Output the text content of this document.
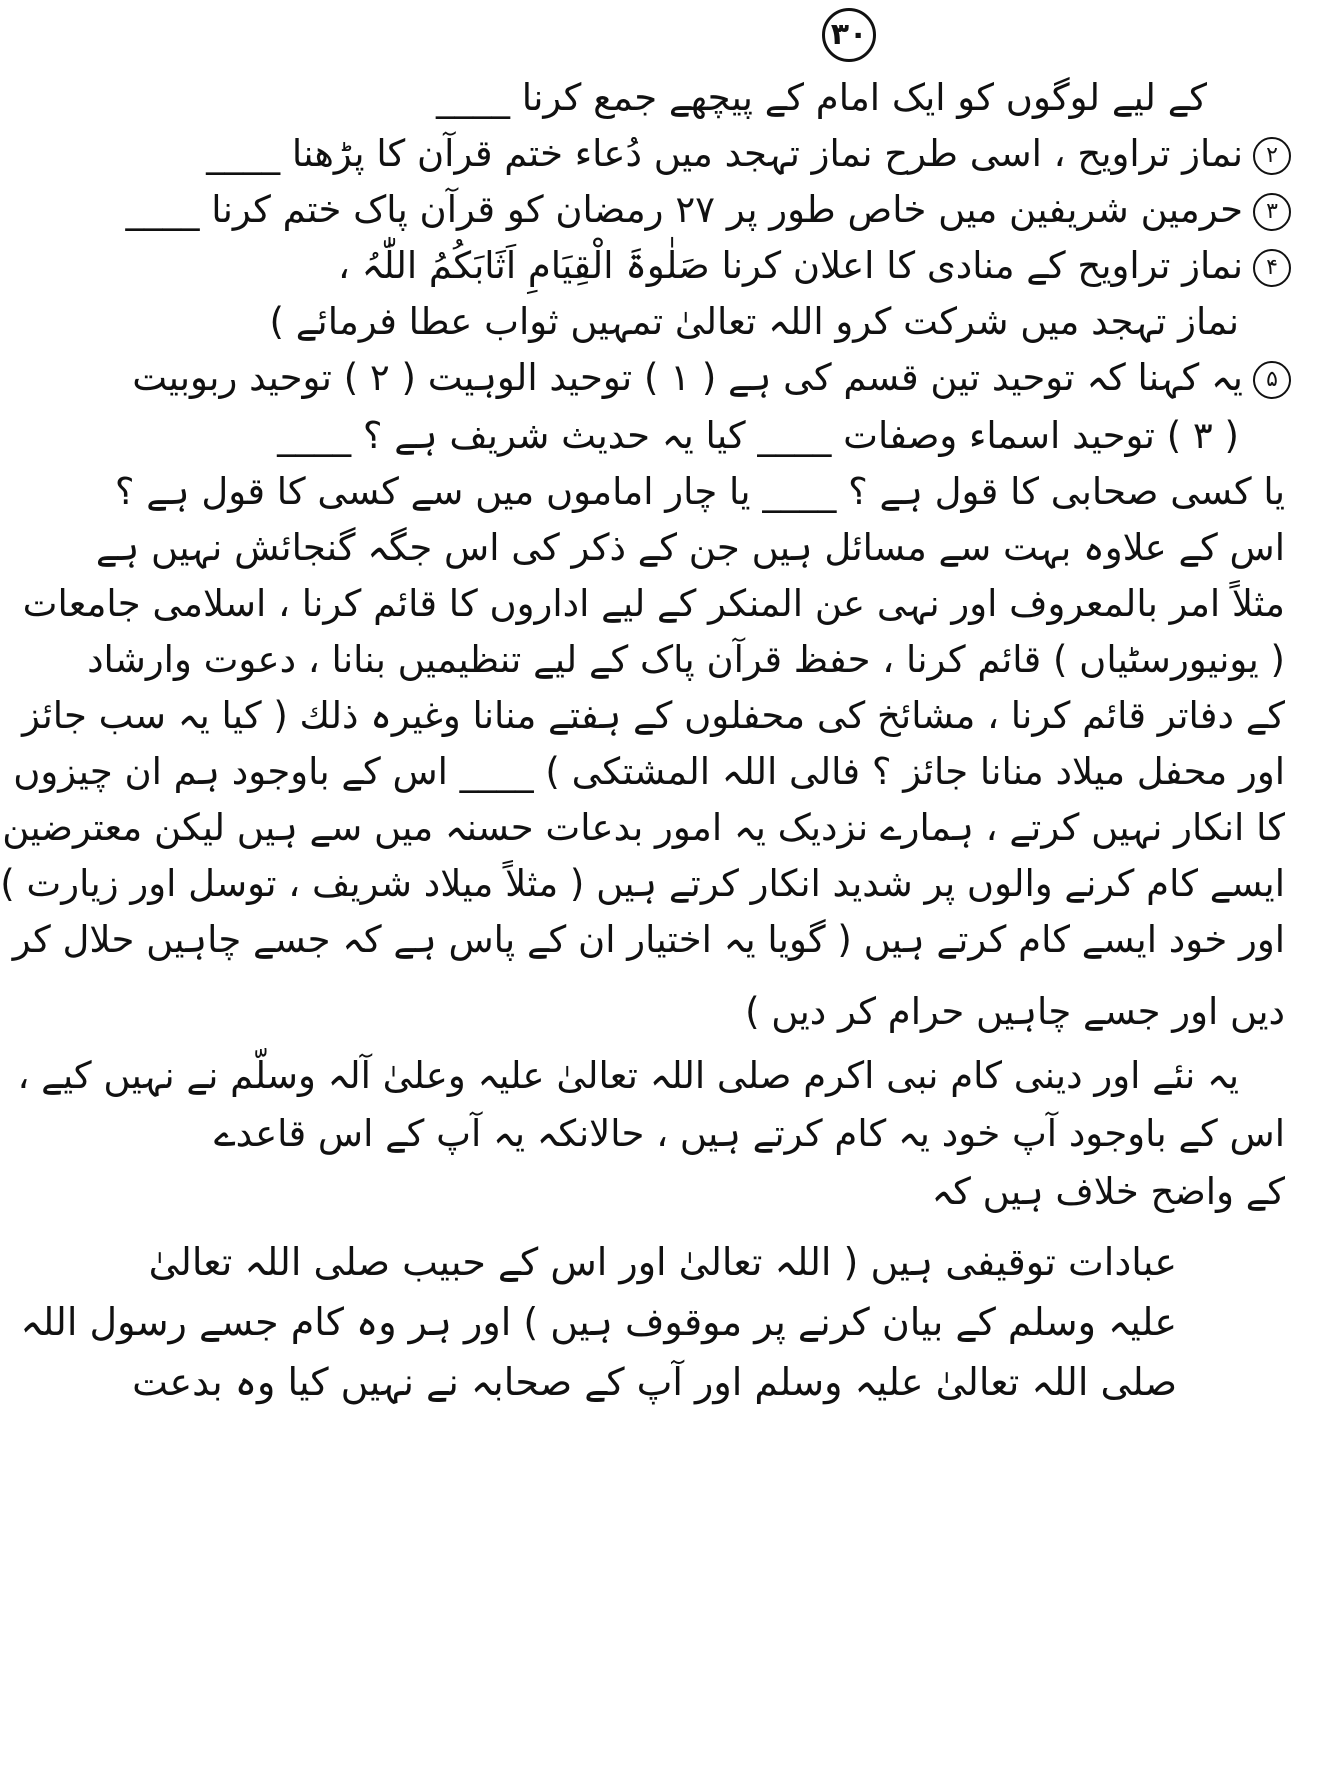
۳۰
کے لیے لوگوں کو ایک امام کے پیچھے جمع کرنا ____
۲نماز تراویح ، اسی طرح نماز تہجد میں دُعاء ختم قرآن کا پڑھنا ____
۳حرمین شریفین میں خاص طور پر ۲۷ رمضان کو قرآن پاک ختم کرنا ____
۴نماز تراویح کے منادی کا اعلان کرنا صَلٰوۃَ الْقِیَامِ اَثَابَکُمُ اللّٰہُ ،
نماز تہجد میں شرکت کرو اللہ تعالیٰ تمہیں ثواب عطا فرمائے )
۵یہ کہنا کہ توحید تین قسم کی ہے ( ۱ ) توحید الوہیت ( ۲ ) توحید ربوبیت
( ۳ ) توحید اسماء وصفات ____ کیا یہ حدیث شریف ہے ؟ ____
یا کسی صحابی کا قول ہے ؟ ____ یا چار اماموں میں سے کسی کا قول ہے ؟
اس کے علاوہ بہت سے مسائل ہیں جن کے ذکر کی اس جگہ گنجائش نہیں ہے
مثلاً امر بالمعروف اور نہی عن المنکر کے لیے اداروں کا قائم کرنا ، اسلامی جامعات
( یونیورسٹیاں ) قائم کرنا ، حفظ قرآن پاک کے لیے تنظیمیں بنانا ، دعوت وارشاد
کے دفاتر قائم کرنا ، مشائخ کی محفلوں کے ہفتے منانا وغیرہ ذلك ( کیا یہ سب جائز
اور محفل میلاد منانا جائز ؟ فالی اللہ المشتکی ) ____ اس کے باوجود ہم ان چیزوں
کا انکار نہیں کرتے ، ہمارے نزدیک یہ امور بدعات حسنہ میں سے ہیں لیکن معترضین
ایسے کام کرنے والوں پر شدید انکار کرتے ہیں ( مثلاً میلاد شریف ، توسل اور زیارت )
اور خود ایسے کام کرتے ہیں ( گویا یہ اختیار ان کے پاس ہے کہ جسے چاہیں حلال کر
دیں اور جسے چاہیں حرام کر دیں )
یہ نئے اور دینی کام نبی اکرم صلی اللہ تعالیٰ علیہ وعلیٰ آلہ وسلّم نے نہیں کیے ،
اس کے باوجود آپ خود یہ کام کرتے ہیں ، حالانکہ یہ آپ کے اس قاعدے
کے واضح خلاف ہیں کہ
عبادات توقیفی ہیں ( اللہ تعالیٰ اور اس کے حبیب صلی اللہ تعالیٰ
علیہ وسلم کے بیان کرنے پر موقوف ہیں ) اور ہر وہ کام جسے رسول اللہ
صلی اللہ تعالیٰ علیہ وسلم اور آپ کے صحابہ نے نہیں کیا وہ بدعت
